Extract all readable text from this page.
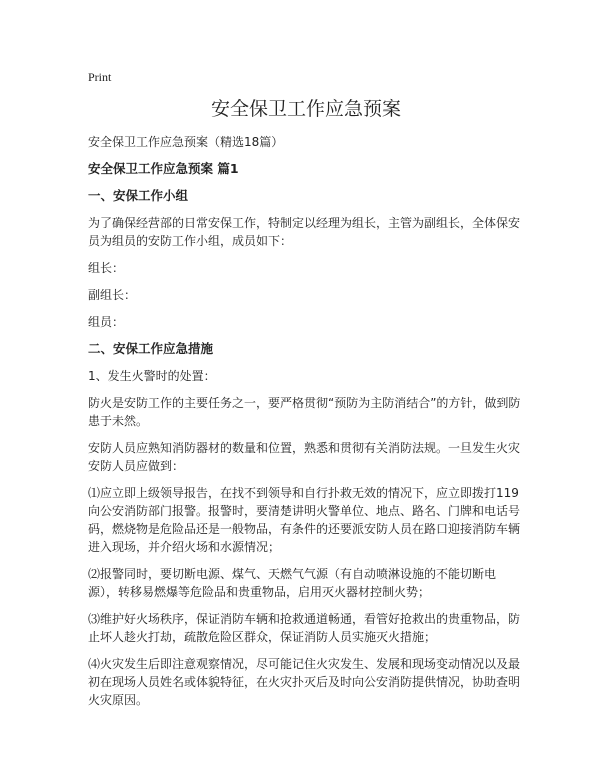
Print
安全保卫工作应急预案

安全保卫工作应急预案（精选18篇）

安全保卫工作应急预案 篇1

一、安保工作小组

为了确保经营部的日常安保工作，特制定以经理为组长，主管为副组长，全体保安员为组员的安防工作小组，成员如下：

组长：

副组长：

组员：

二、安保工作应急措施

1、发生火警时的处置：

防火是安防工作的主要任务之一，要严格贯彻“预防为主防消结合”的方针，做到防患于未然。

安防人员应熟知消防器材的数量和位置，熟悉和贯彻有关消防法规。一旦发生火灾安防人员应做到：

⑴应立即上级领导报告，在找不到领导和自行扑救无效的情况下，应立即拨打119向公安消防部门报警。报警时，要清楚讲明火警单位、地点、路名、门牌和电话号码，燃烧物是危险品还是一般物品，有条件的还要派安防人员在路口迎接消防车辆进入现场，并介绍火场和水源情况；

⑵报警同时，要切断电源、煤气、天燃气气源（有自动喷淋设施的不能切断电源），转移易燃爆等危险品和贵重物品，启用灭火器材控制火势；

⑶维护好火场秩序，保证消防车辆和抢救通道畅通，看管好抢救出的贵重物品，防止坏人趁火打劫，疏散危险区群众，保证消防人员实施灭火措施；

⑷火灾发生后即注意观察情况，尽可能记住火灾发生、发展和现场变动情况以及最初在现场人员姓名或体貌特征，在火灾扑灭后及时向公安消防提供情况，协助查明火灾原因。
